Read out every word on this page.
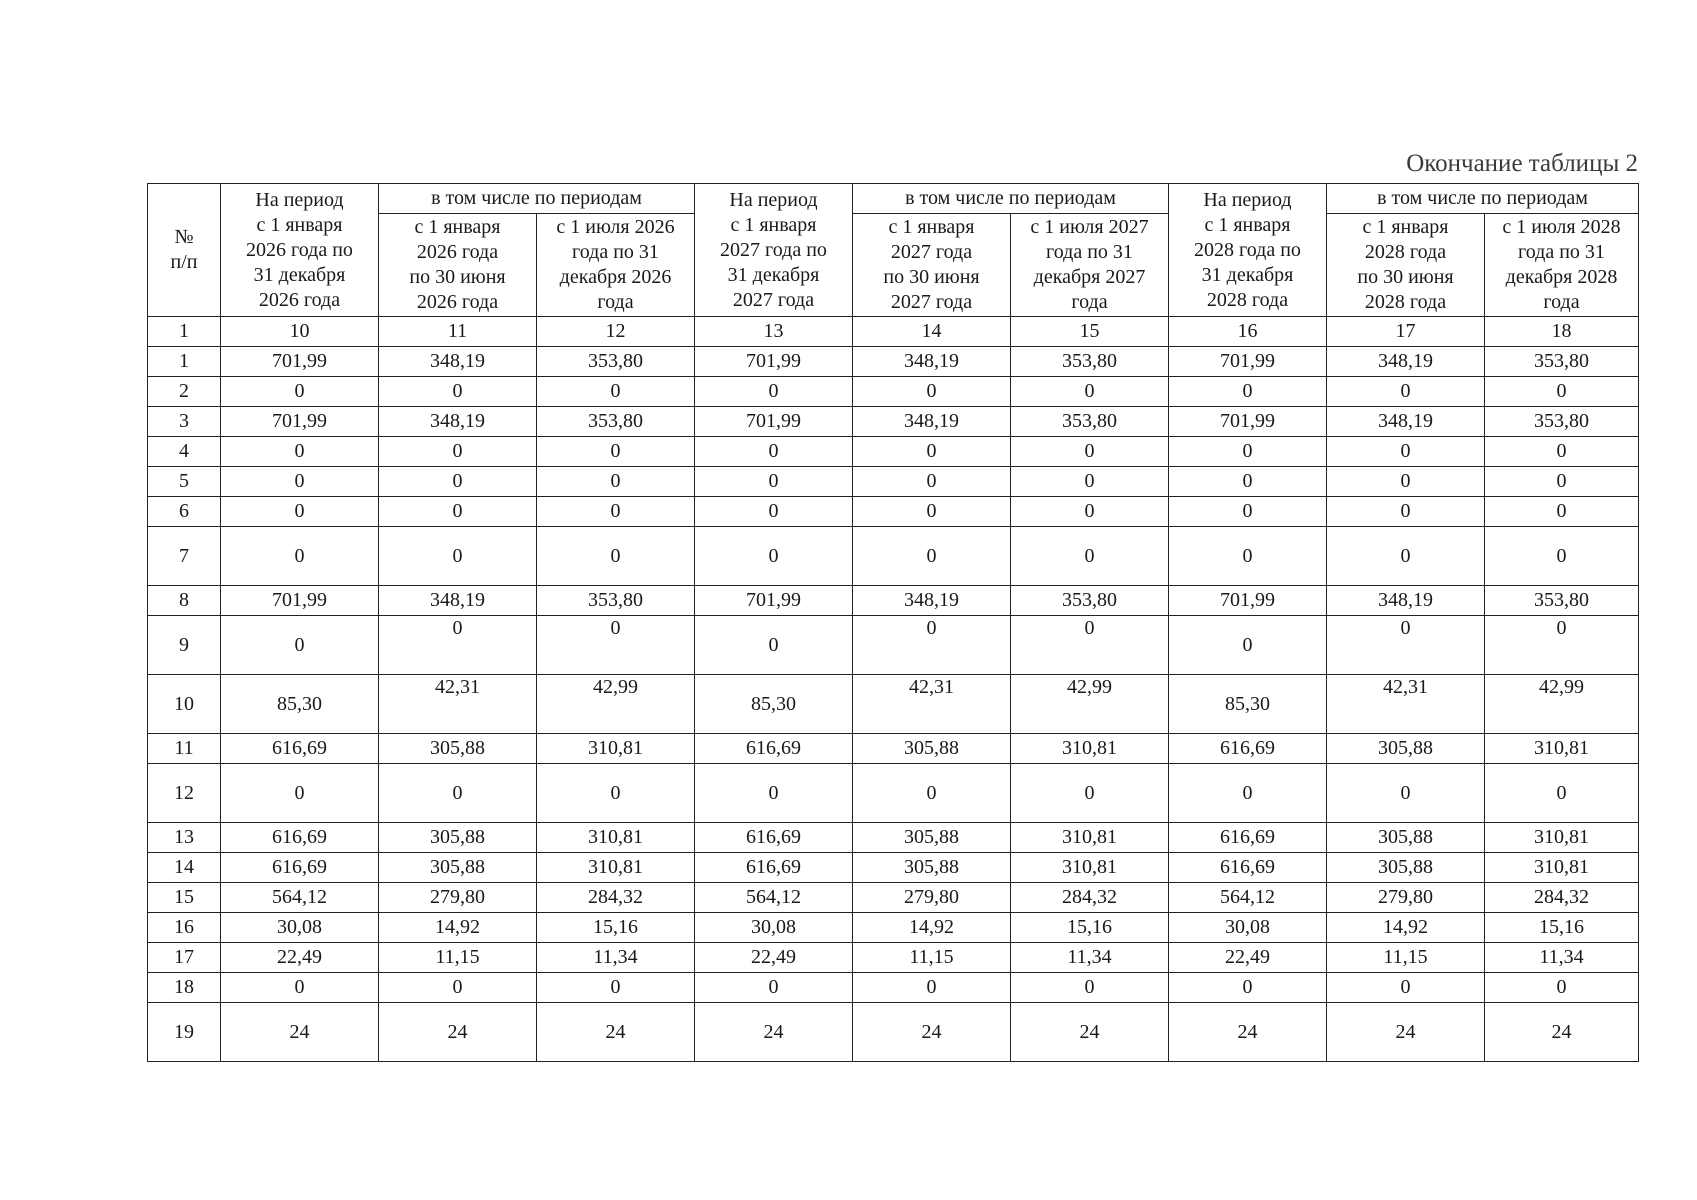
Окончание таблицы 2
№
п/п	На период
с 1 января
2026 года по
31 декабря
2026 года	в том числе по периодам		На период
с 1 января
2027 года по
31 декабря
2027 года	в том числе по периодам		На период
с 1 января
2028 года по
31 декабря
2028 года	в том числе по периодам	
		с 1 января
2026 года
по 30 июня
2026 года	с 1 июля 2026
года по 31
декабря 2026
года		с 1 января
2027 года
по 30 июня
2027 года	с 1 июля 2027
года по 31
декабря 2027
года		с 1 января
2028 года
по 30 июня
2028 года	с 1 июля 2028
года по 31
декабря 2028
года
1	10	11	12	13	14	15	16	17	18
1	701,99	348,19	353,80	701,99	348,19	353,80	701,99	348,19	353,80
2	0	0	0	0	0	0	0	0	0
3	701,99	348,19	353,80	701,99	348,19	353,80	701,99	348,19	353,80
4	0	0	0	0	0	0	0	0	0
5	0	0	0	0	0	0	0	0	0
6	0	0	0	0	0	0	0	0	0
7	0	0	0	0	0	0	0	0	0
8	701,99	348,19	353,80	701,99	348,19	353,80	701,99	348,19	353,80
9	0	0	0	0	0	0	0	0	0
10	85,30	42,31	42,99	85,30	42,31	42,99	85,30	42,31	42,99
11	616,69	305,88	310,81	616,69	305,88	310,81	616,69	305,88	310,81
12	0	0	0	0	0	0	0	0	0
13	616,69	305,88	310,81	616,69	305,88	310,81	616,69	305,88	310,81
14	616,69	305,88	310,81	616,69	305,88	310,81	616,69	305,88	310,81
15	564,12	279,80	284,32	564,12	279,80	284,32	564,12	279,80	284,32
16	30,08	14,92	15,16	30,08	14,92	15,16	30,08	14,92	15,16
17	22,49	11,15	11,34	22,49	11,15	11,34	22,49	11,15	11,34
18	0	0	0	0	0	0	0	0	0
19	24	24	24	24	24	24	24	24	24
